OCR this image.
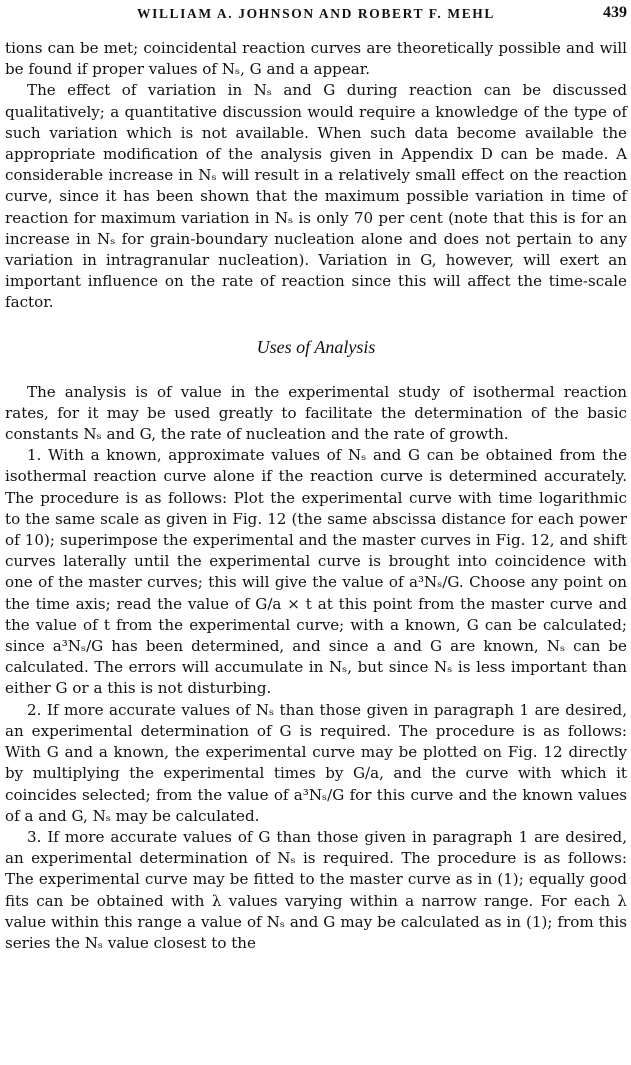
WILLIAM A. JOHNSON AND ROBERT F. MEHL	439

tions can be met; coincidental reaction curves are theoretically possible and will be found if proper values of Nₛ, G and a appear.

The effect of variation in Nₛ and G during reaction can be discussed qualitatively; a quantitative discussion would require a knowledge of the type of such variation which is not available. When such data become available the appropriate modification of the analysis given in Appendix D can be made. A considerable increase in Nₛ will result in a relatively small effect on the reaction curve, since it has been shown that the maximum possible variation in time of reaction for maximum variation in Nₛ is only 70 per cent (note that this is for an increase in Nₛ for grain-boundary nucleation alone and does not pertain to any variation in intragranular nucleation). Variation in G, however, will exert an important influence on the rate of reaction since this will affect the time-scale factor.

Uses of Analysis

The analysis is of value in the experimental study of isothermal reaction rates, for it may be used greatly to facilitate the determination of the basic constants Nₛ and G, the rate of nucleation and the rate of growth.

1. With a known, approximate values of Nₛ and G can be obtained from the isothermal reaction curve alone if the reaction curve is determined accurately. The procedure is as follows: Plot the experimental curve with time logarithmic to the same scale as given in Fig. 12 (the same abscissa distance for each power of 10); superimpose the experimental and the master curves in Fig. 12, and shift curves laterally until the experimental curve is brought into coincidence with one of the master curves; this will give the value of a³Nₛ/G. Choose any point on the time axis; read the value of G/a × t at this point from the master curve and the value of t from the experimental curve; with a known, G can be calculated; since a³Nₛ/G has been determined, and since a and G are known, Nₛ can be calculated. The errors will accumulate in Nₛ, but since Nₛ is less important than either G or a this is not disturbing.

2. If more accurate values of Nₛ than those given in paragraph 1 are desired, an experimental determination of G is required. The procedure is as follows: With G and a known, the experimental curve may be plotted on Fig. 12 directly by multiplying the experimental times by G/a, and the curve with which it coincides selected; from the value of a³Nₛ/G for this curve and the known values of a and G, Nₛ may be calculated.

3. If more accurate values of G than those given in paragraph 1 are desired, an experimental determination of Nₛ is required. The procedure is as follows: The experimental curve may be fitted to the master curve as in (1); equally good fits can be obtained with λ values varying within a narrow range. For each λ value within this range a value of Nₛ and G may be calculated as in (1); from this series the Nₛ value closest to the
